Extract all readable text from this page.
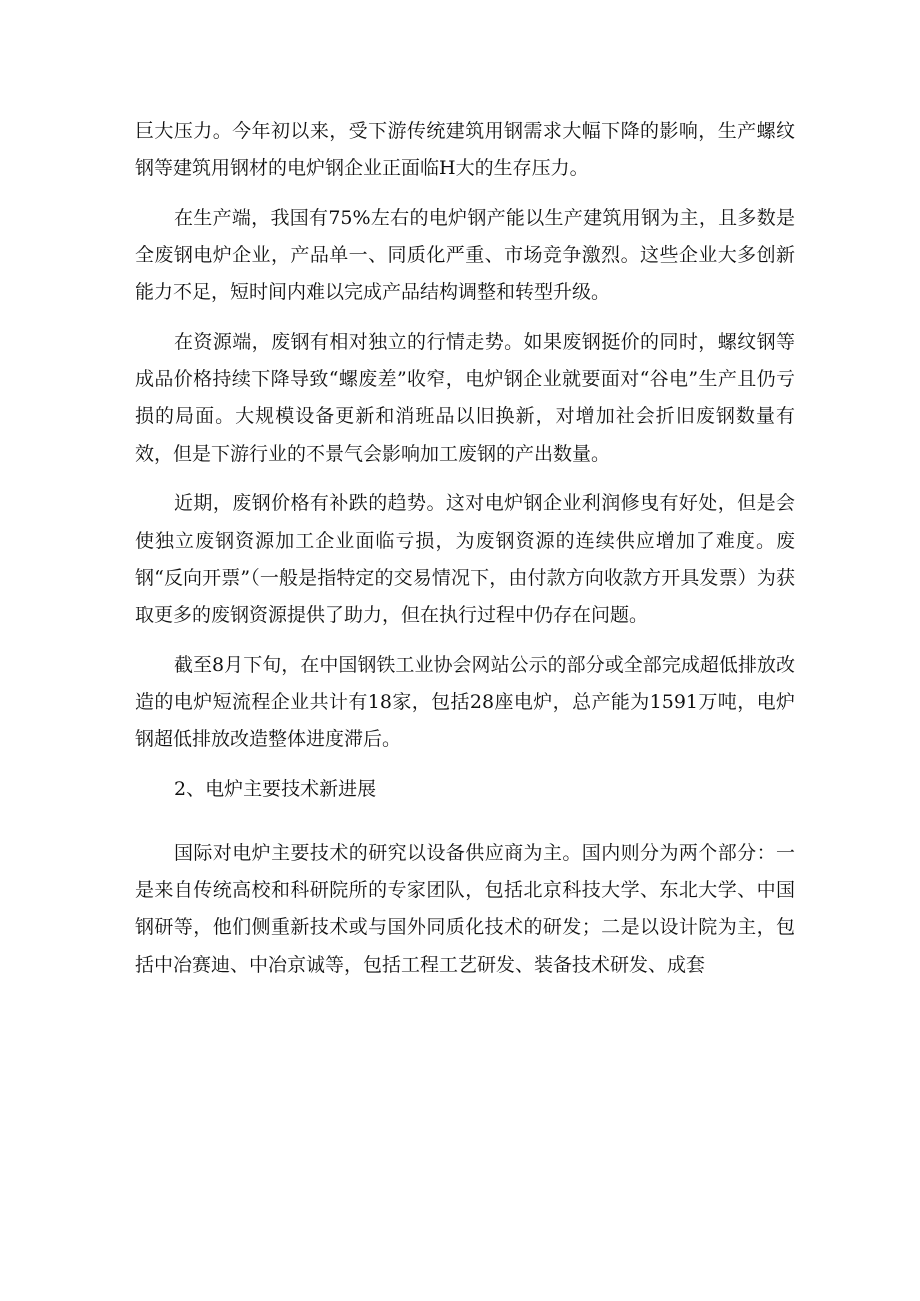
巨大压力。今年初以来，受下游传统建筑用钢需求大幅下降的影响，生产螺纹钢等建筑用钢材的电炉钢企业正面临H大的生存压力。

在生产端，我国有75%左右的电炉钢产能以生产建筑用钢为主，且多数是全废钢电炉企业，产品单一、同质化严重、市场竞争激烈。这些企业大多创新能力不足，短时间内难以完成产品结构调整和转型升级。

在资源端，废钢有相对独立的行情走势。如果废钢挺价的同时，螺纹钢等成品价格持续下降导致“螺废差”收窄，电炉钢企业就要面对“谷电”生产且仍亏损的局面。大规模设备更新和消班品以旧换新，对增加社会折旧废钢数量有效，但是下游行业的不景气会影响加工废钢的产出数量。

近期，废钢价格有补跌的趋势。这对电炉钢企业利润修曳有好处，但是会使独立废钢资源加工企业面临亏损，为废钢资源的连续供应增加了难度。废钢“反向开票”（一般是指特定的交易情况下，由付款方向收款方开具发票）为获取更多的废钢资源提供了助力，但在执行过程中仍存在问题。

截至8月下旬，在中国钢铁工业协会网站公示的部分或全部完成超低排放改造的电炉短流程企业共计有18家，包括28座电炉，总产能为1591万吨，电炉钢超低排放改造整体进度滞后。

2、电炉主要技术新进展

国际对电炉主要技术的研究以设备供应商为主。国内则分为两个部分：一是来自传统高校和科研院所的专家团队，包括北京科技大学、东北大学、中国钢研等，他们侧重新技术或与国外同质化技术的研发；二是以设计院为主，包括中冶赛迪、中冶京诚等，包括工程工艺研发、装备技术研发、成套
